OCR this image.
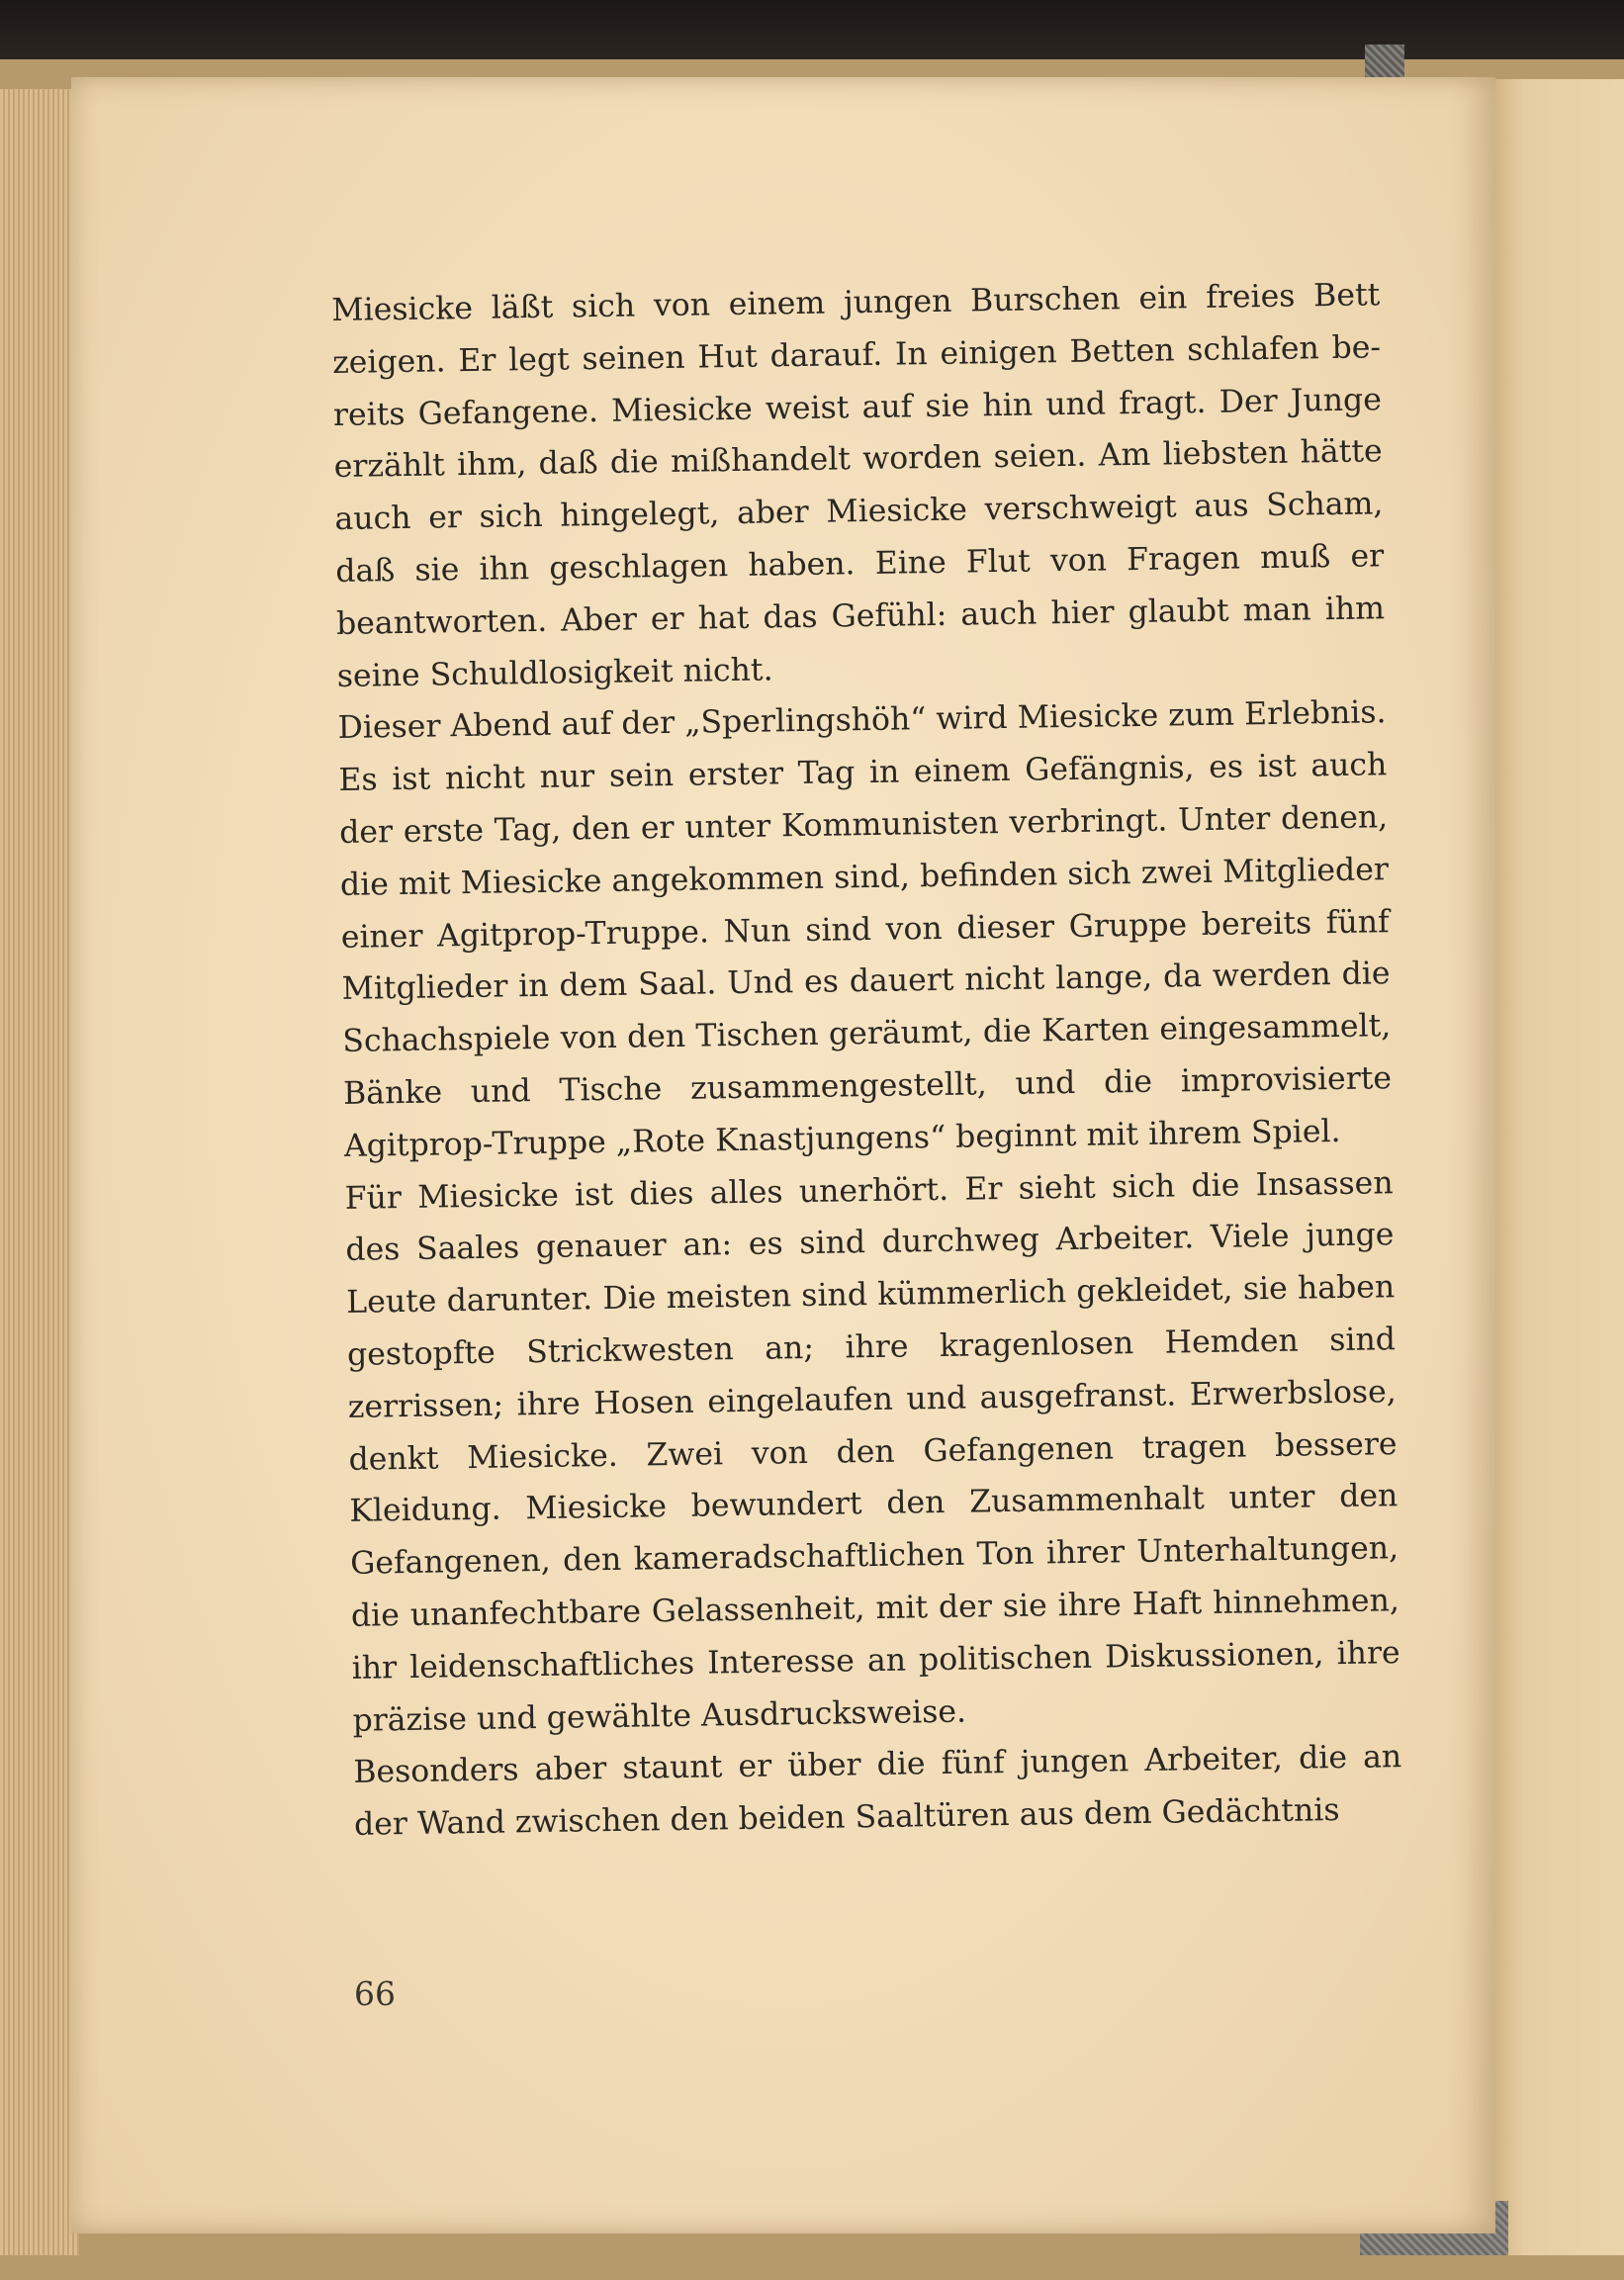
Miesicke läßt sich von einem jungen Burschen ein freies Bett zeigen. Er legt seinen Hut darauf. In einigen Betten schlafen bereits Gefangene. Miesicke weist auf sie hin und fragt. Der Junge erzählt ihm, daß die mißhandelt worden seien. Am liebsten hätte auch er sich hingelegt, aber Miesicke verschweigt aus Scham, daß sie ihn geschlagen haben. Eine Flut von Fragen muß er beantworten. Aber er hat das Gefühl: auch hier glaubt man ihm seine Schuldlosigkeit nicht.

Dieser Abend auf der „Sperlingshöh“ wird Miesicke zum Erlebnis. Es ist nicht nur sein erster Tag in einem Gefängnis, es ist auch der erste Tag, den er unter Kommunisten verbringt. Unter denen, die mit Miesicke angekommen sind, befinden sich zwei Mitglieder einer Agitprop-Truppe. Nun sind von dieser Gruppe bereits fünf Mitglieder in dem Saal. Und es dauert nicht lange, da werden die Schachspiele von den Tischen geräumt, die Karten eingesammelt, Bänke und Tische zusammengestellt, und die improvisierte Agitprop-Truppe „Rote Knastjungens“ beginnt mit ihrem Spiel.

Für Miesicke ist dies alles unerhört. Er sieht sich die Insassen des Saales genauer an: es sind durchweg Arbeiter. Viele junge Leute darunter. Die meisten sind kümmerlich gekleidet, sie haben gestopfte Strickwesten an; ihre kragenlosen Hemden sind zerrissen; ihre Hosen eingelaufen und ausgefranst. Erwerbslose, denkt Miesicke. Zwei von den Gefangenen tragen bessere Kleidung. Miesicke bewundert den Zusammenhalt unter den Gefangenen, den kameradschaftlichen Ton ihrer Unterhaltungen, die unanfechtbare Gelassenheit, mit der sie ihre Haft hinnehmen, ihr leidenschaftliches Interesse an politischen Diskussionen, ihre präzise und gewählte Ausdrucksweise.

Besonders aber staunt er über die fünf jungen Arbeiter, die an der Wand zwischen den beiden Saaltüren aus dem Gedächtnis

66
